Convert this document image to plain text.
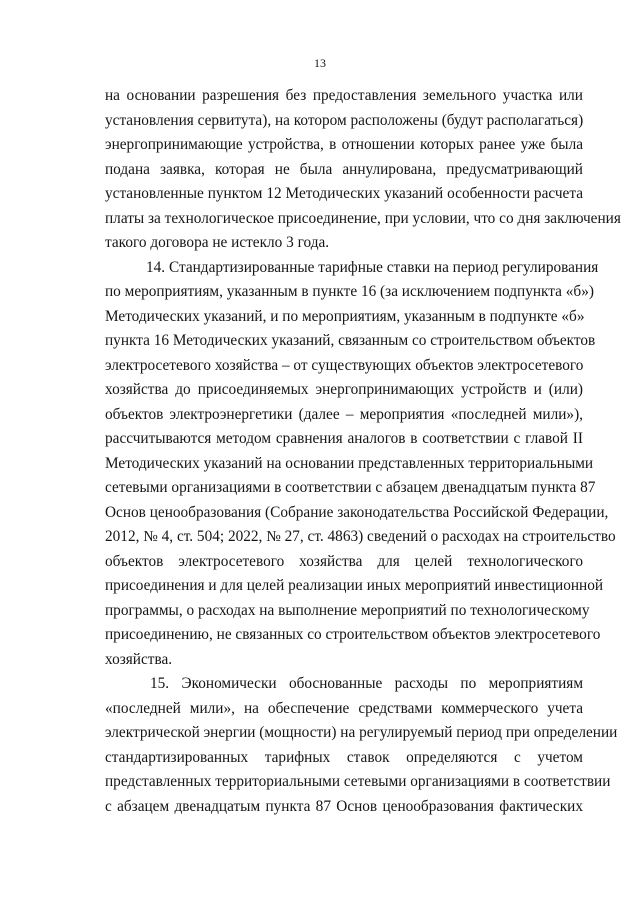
13
на основании разрешения без предоставления земельного участка или
установления сервитута), на котором расположены (будут располагаться)
энергопринимающие устройства, в отношении которых ранее уже была
подана заявка, которая не была аннулирована, предусматривающий
установленные пунктом 12 Методических указаний особенности расчета
платы за технологическое присоединение, при условии, что со дня заключения
такого договора не истекло 3 года.
14. Стандартизированные тарифные ставки на период регулирования
по мероприятиям, указанным в пункте 16 (за исключением подпункта «б»)
Методических указаний, и по мероприятиям, указанным в подпункте «б»
пункта 16 Методических указаний, связанным со строительством объектов
электросетевого хозяйства – от существующих объектов электросетевого
хозяйства до присоединяемых энергопринимающих устройств и (или)
объектов электроэнергетики (далее – мероприятия «последней мили»),
рассчитываются методом сравнения аналогов в соответствии с главой II
Методических указаний на основании представленных территориальными
сетевыми организациями в соответствии с абзацем двенадцатым пункта 87
Основ ценообразования (Собрание законодательства Российской Федерации,
2012, № 4, ст. 504; 2022, № 27, ст. 4863) сведений о расходах на строительство
объектов электросетевого хозяйства для целей технологического
присоединения и для целей реализации иных мероприятий инвестиционной
программы, о расходах на выполнение мероприятий по технологическому
присоединению, не связанных со строительством объектов электросетевого
хозяйства.
15. Экономически обоснованные расходы по мероприятиям
«последней мили», на обеспечение средствами коммерческого учета
электрической энергии (мощности) на регулируемый период при определении
стандартизированных тарифных ставок определяются с учетом
представленных территориальными сетевыми организациями в соответствии
с абзацем двенадцатым пункта 87 Основ ценообразования фактических
